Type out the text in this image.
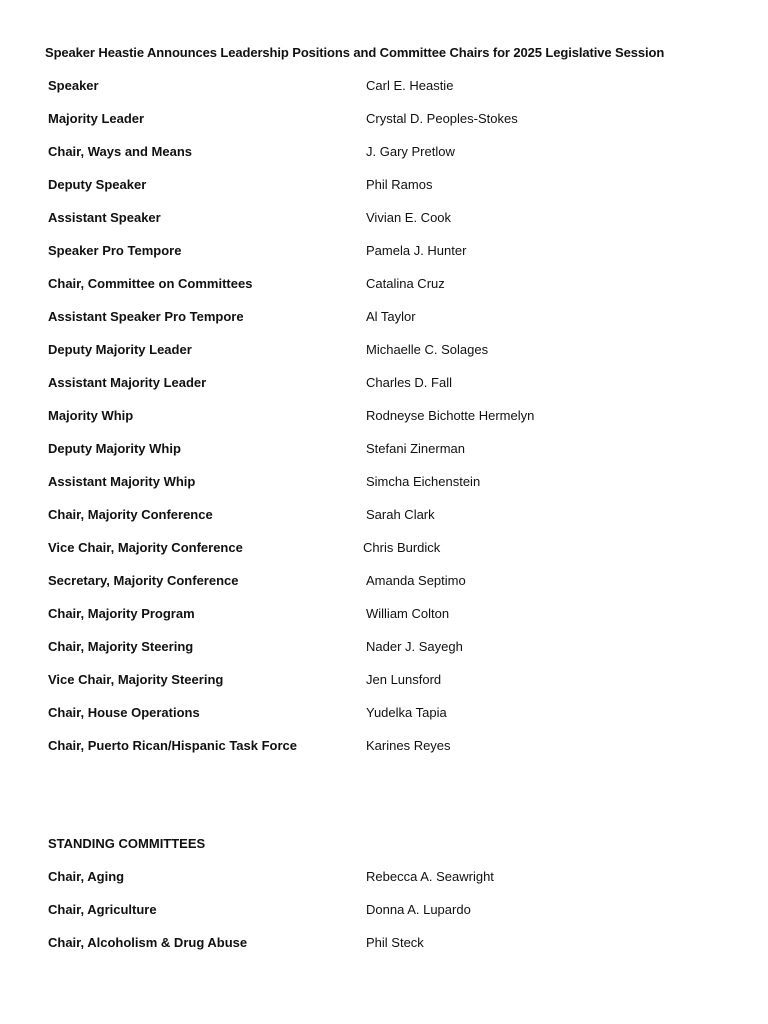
Speaker Heastie Announces Leadership Positions and Committee Chairs for 2025 Legislative Session
Speaker	Carl E. Heastie
Majority Leader	Crystal D. Peoples-Stokes
Chair, Ways and Means	J. Gary Pretlow
Deputy Speaker	Phil Ramos
Assistant Speaker	Vivian E. Cook
Speaker Pro Tempore	Pamela J. Hunter
Chair, Committee on Committees	Catalina Cruz
Assistant Speaker Pro Tempore	Al Taylor
Deputy Majority Leader	Michaelle C. Solages
Assistant Majority Leader	Charles D. Fall
Majority Whip	Rodneyse Bichotte Hermelyn
Deputy Majority Whip	Stefani Zinerman
Assistant Majority Whip	Simcha Eichenstein
Chair, Majority Conference	Sarah Clark
Vice Chair, Majority Conference	Chris Burdick
Secretary, Majority Conference	Amanda Septimo
Chair, Majority Program	William Colton
Chair, Majority Steering	Nader J. Sayegh
Vice Chair, Majority Steering	Jen Lunsford
Chair, House Operations	Yudelka Tapia
Chair, Puerto Rican/Hispanic Task Force	Karines Reyes
STANDING COMMITTEES
Chair, Aging	Rebecca A. Seawright
Chair, Agriculture	Donna A. Lupardo
Chair, Alcoholism & Drug Abuse	Phil Steck
